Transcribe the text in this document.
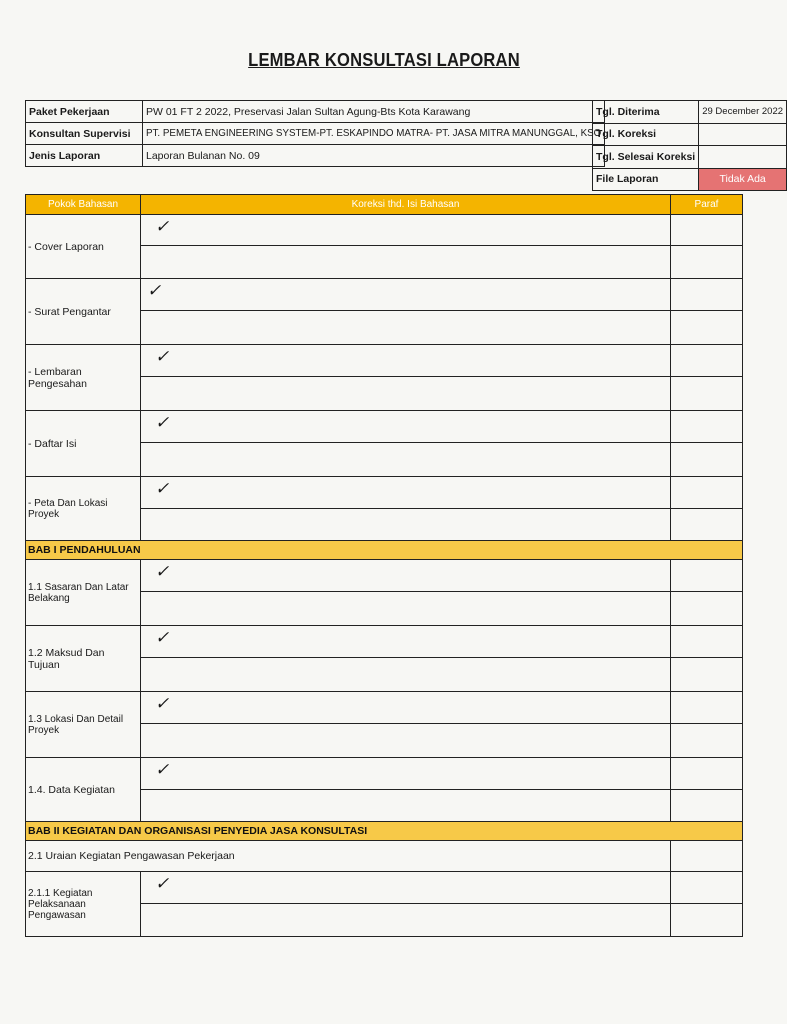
LEMBAR KONSULTASI LAPORAN
Paket Pekerjaan	PW 01 FT 2 2022, Preservasi Jalan Sultan Agung-Bts Kota Karawang
Konsultan Supervisi	PT. PEMETA ENGINEERING SYSTEM-PT. ESKAPINDO MATRA- PT. JASA MITRA MANUNGGAL, KSO
Jenis Laporan	Laporan Bulanan No. 09
Tgl. Diterima	29 December 2022
Tgl. Koreksi	
Tgl. Selesai Koreksi	
File Laporan	Tidak Ada
Pokok Bahasan	Koreksi thd. Isi Bahasan	Paraf
- Cover Laporan	✓	

- Surat Pengantar	✓	

- Lembaran Pengesahan	✓	

- Daftar Isi	✓	

- Peta Dan Lokasi Proyek	✓	

BAB I PENDAHULUAN		
1.1 Sasaran Dan Latar Belakang	✓	

1.2 Maksud Dan Tujuan	✓	

1.3 Lokasi Dan Detail Proyek	✓	

1.4. Data Kegiatan	✓	

BAB II KEGIATAN DAN ORGANISASI PENYEDIA JASA KONSULTASI		
2.1 Uraian Kegiatan Pengawasan Pekerjaan		
2.1.1 Kegiatan Pelaksanaan Pengawasan	✓	
